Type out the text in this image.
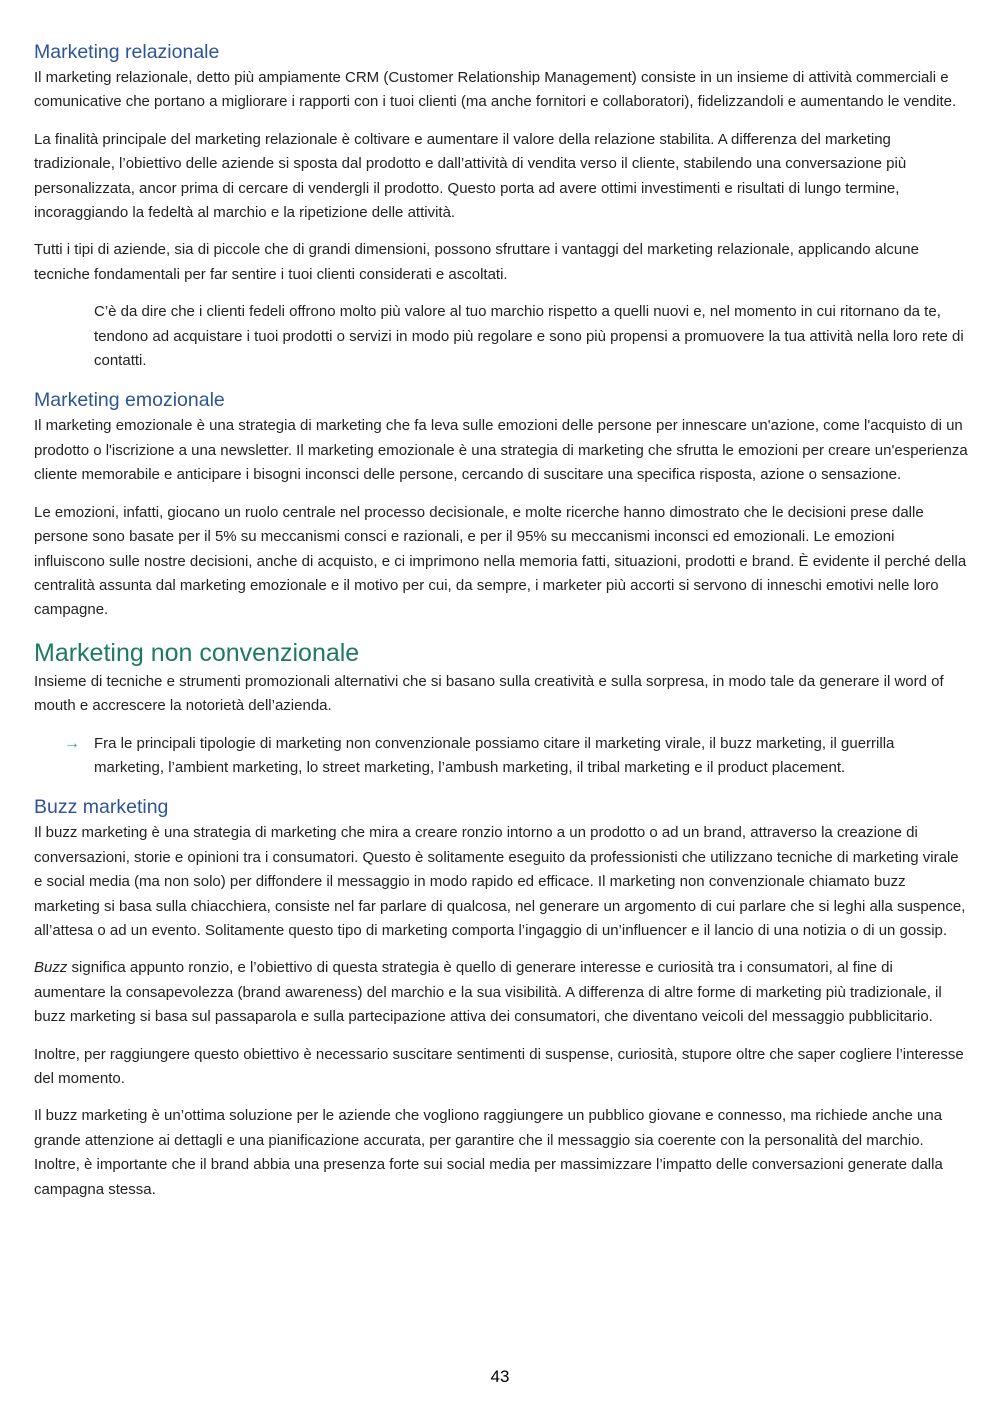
Marketing relazionale

Il marketing relazionale, detto più ampiamente CRM (Customer Relationship Management) consiste in un insieme di attività commerciali e comunicative che portano a migliorare i rapporti con i tuoi clienti (ma anche fornitori e collaboratori), fidelizzandoli e aumentando le vendite.

La finalità principale del marketing relazionale è coltivare e aumentare il valore della relazione stabilita. A differenza del marketing tradizionale, l’obiettivo delle aziende si sposta dal prodotto e dall’attività di vendita verso il cliente, stabilendo una conversazione più personalizzata, ancor prima di cercare di vendergli il prodotto. Questo porta ad avere ottimi investimenti e risultati di lungo termine, incoraggiando la fedeltà al marchio e la ripetizione delle attività.

Tutti i tipi di aziende, sia di piccole che di grandi dimensioni, possono sfruttare i vantaggi del marketing relazionale, applicando alcune tecniche fondamentali per far sentire i tuoi clienti considerati e ascoltati.

C’è da dire che i clienti fedeli offrono molto più valore al tuo marchio rispetto a quelli nuovi e, nel momento in cui ritornano da te, tendono ad acquistare i tuoi prodotti o servizi in modo più regolare e sono più propensi a promuovere la tua attività nella loro rete di contatti.

Marketing emozionale

Il marketing emozionale è una strategia di marketing che fa leva sulle emozioni delle persone per innescare un'azione, come l'acquisto di un prodotto o l'iscrizione a una newsletter. Il marketing emozionale è una strategia di marketing che sfrutta le emozioni per creare un'esperienza cliente memorabile e anticipare i bisogni inconsci delle persone, cercando di suscitare una specifica risposta, azione o sensazione.

Le emozioni, infatti, giocano un ruolo centrale nel processo decisionale, e molte ricerche hanno dimostrato che le decisioni prese dalle persone sono basate per il 5% su meccanismi consci e razionali, e per il 95% su meccanismi inconsci ed emozionali. Le emozioni influiscono sulle nostre decisioni, anche di acquisto, e ci imprimono nella memoria fatti, situazioni, prodotti e brand. È evidente il perché della centralità assunta dal marketing emozionale e il motivo per cui, da sempre, i marketer più accorti si servono di inneschi emotivi nelle loro campagne.

Marketing non convenzionale

Insieme di tecniche e strumenti promozionali alternativi che si basano sulla creatività e sulla sorpresa, in modo tale da generare il word of mouth e accrescere la notorietà dell’azienda.

→ Fra le principali tipologie di marketing non convenzionale possiamo citare il marketing virale, il buzz marketing, il guerrilla marketing, l’ambient marketing, lo street marketing, l’ambush marketing, il tribal marketing e il product placement.
Buzz marketing

Il buzz marketing è una strategia di marketing che mira a creare ronzio intorno a un prodotto o ad un brand, attraverso la creazione di conversazioni, storie e opinioni tra i consumatori. Questo è solitamente eseguito da professionisti che utilizzano tecniche di marketing virale e social media (ma non solo) per diffondere il messaggio in modo rapido ed efficace. Il marketing non convenzionale chiamato buzz marketing si basa sulla chiacchiera, consiste nel far parlare di qualcosa, nel generare un argomento di cui parlare che si leghi alla suspence, all’attesa o ad un evento. Solitamente questo tipo di marketing comporta l’ingaggio di un’influencer e il lancio di una notizia o di un gossip.

Buzz significa appunto ronzio, e l’obiettivo di questa strategia è quello di generare interesse e curiosità tra i consumatori, al fine di aumentare la consapevolezza (brand awareness) del marchio e la sua visibilità. A differenza di altre forme di marketing più tradizionale, il buzz marketing si basa sul passaparola e sulla partecipazione attiva dei consumatori, che diventano veicoli del messaggio pubblicitario.

Inoltre, per raggiungere questo obiettivo è necessario suscitare sentimenti di suspense, curiosità, stupore oltre che saper cogliere l’interesse del momento.

Il buzz marketing è un’ottima soluzione per le aziende che vogliono raggiungere un pubblico giovane e connesso, ma richiede anche una grande attenzione ai dettagli e una pianificazione accurata, per garantire che il messaggio sia coerente con la personalità del marchio. Inoltre, è importante che il brand abbia una presenza forte sui social media per massimizzare l’impatto delle conversazioni generate dalla campagna stessa.

43
